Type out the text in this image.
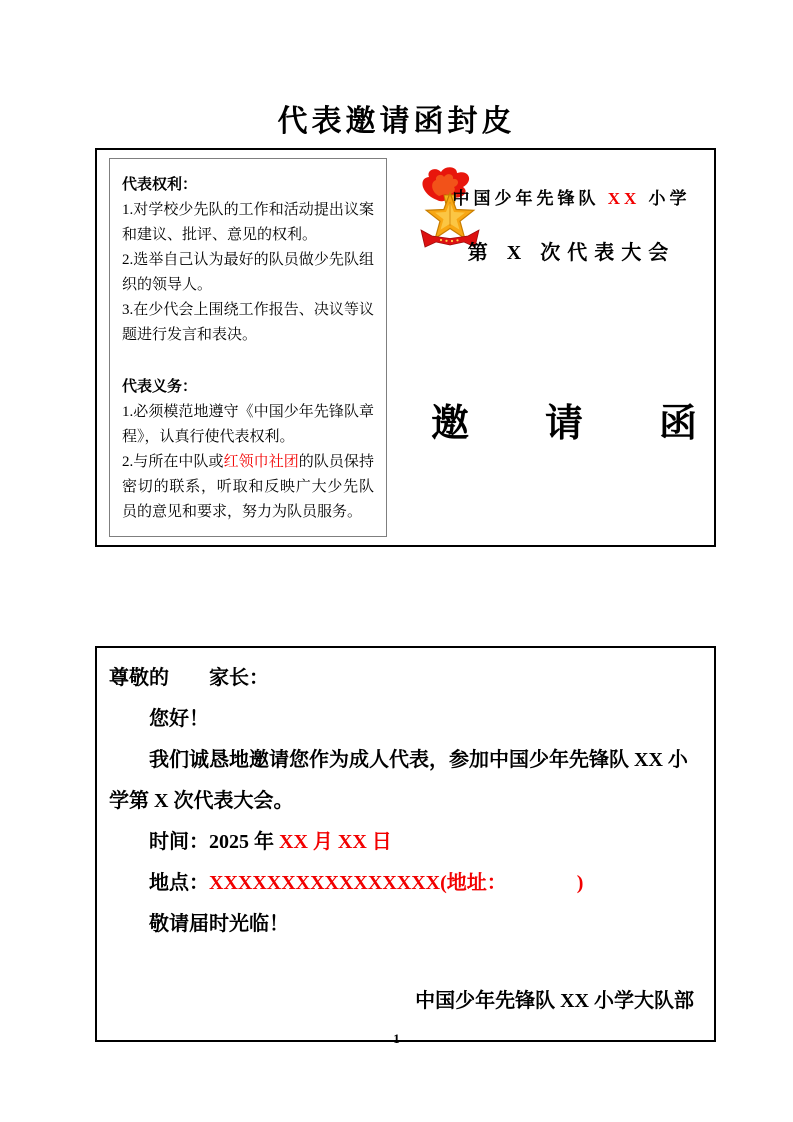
代表邀请函封皮

代表权利：

1.对学校少先队的工作和活动提出议案和建议、批评、意见的权利。

2.选举自己认为最好的队员做少先队组织的领导人。

3.在少代会上围绕工作报告、决议等议题进行发言和表决。

代表义务：

1.必须模范地遵守《中国少年先锋队章程》，认真行使代表权利。

2.与所在中队或红领巾社团的队员保持密切的联系，听取和反映广大少先队员的意见和要求，努力为队员服务。

中国少年先锋队 XX 小学
第 X 次代表大会
邀　　请　　函

尊敬的　　家长：

您好！

我们诚恳地邀请您作为成人代表，参加中国少年先锋队 XX 小学第 X 次代表大会。

时间：2025 年 XX 月 XX 日

地点：XXXXXXXXXXXXXXXX(地址：　　　　)

敬请届时光临！

中国少年先锋队 XX 小学大队部

1
